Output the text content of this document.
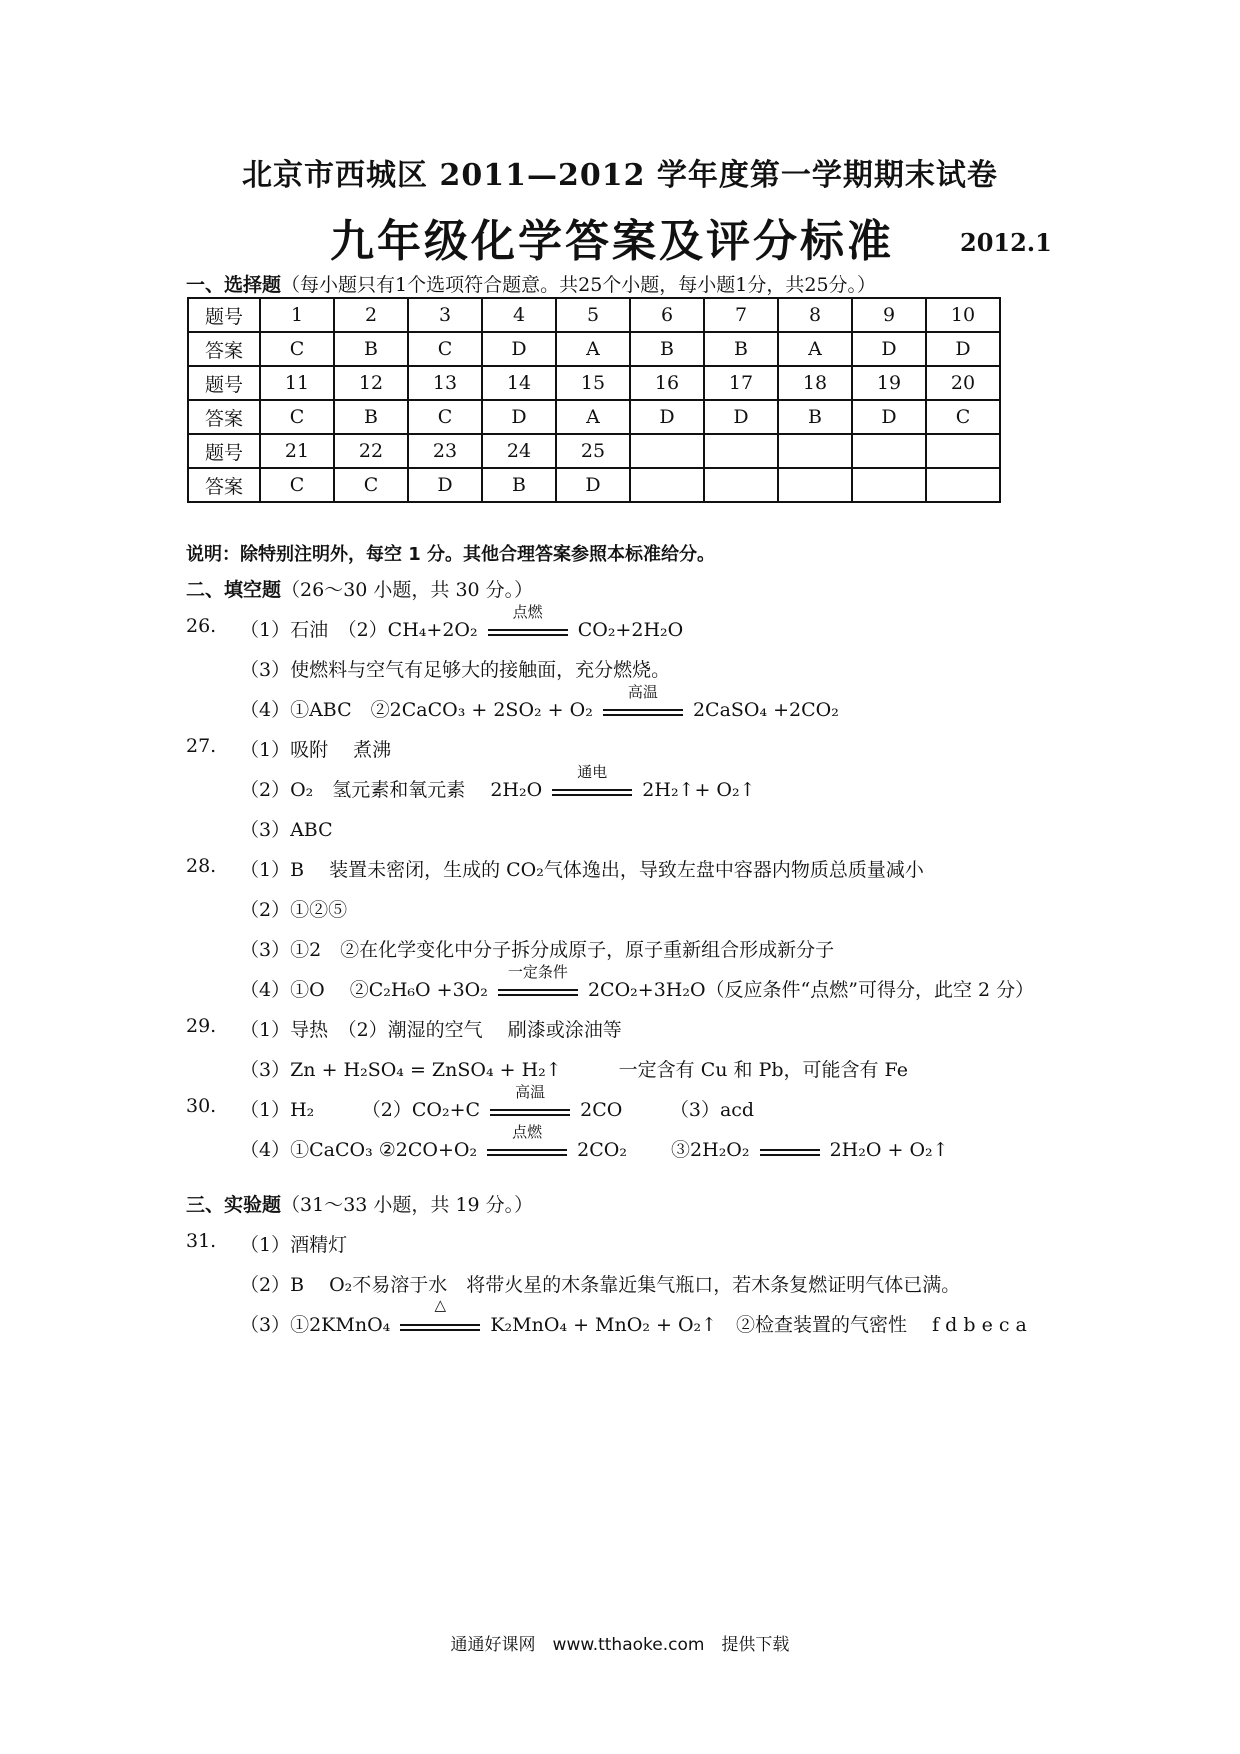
北京市西城区 2011—2012 学年度第一学期期末试卷
九年级化学答案及评分标准	2012.1
一、选择题（每小题只有1个选项符合题意。共25个小题，每小题1分，共25分。）
题号	1	2	3	4	5	6	7	8	9	10
答案	C	B	C	D	A	B	B	A	D	D
题号	11	12	13	14	15	16	17	18	19	20
答案	C	B	C	D	A	D	D	B	D	C
题号	21	22	23	24	25					
答案	C	C	D	B	D					
说明：除特别注明外，每空 1 分。其他合理答案参照本标准给分。
二、填空题（26～30 小题，共 30 分。）
26. （1）石油　（2）CH₄+2O₂
点燃
CO₂+2H₂O
（3）使燃料与空气有足够大的接触面，充分燃烧。
（4）①ABC　②2CaCO₃ + 2SO₂ + O₂
高温
2CaSO₄ +2CO₂
27. （1）吸附　 煮沸
（2）O₂　氢元素和氧元素　 2H₂O
通电
2H₂↑+ O₂↑
（3）ABC
28. （1）B　 装置未密闭，生成的 CO₂气体逸出，导致左盘中容器内物质总质量减小
（2）①②⑤
（3）①2　②在化学变化中分子拆分成原子，原子重新组合形成新分子
（4）①O　 ②C₂H₆O +3O₂
一定条件
2CO₂+3H₂O（反应条件“点燃”可得分，此空 2 分）
29. （1）导热　（2）潮湿的空气　 刷漆或涂油等
（3）Zn + H₂SO₄ = ZnSO₄ + H₂↑　　　一定含有 Cu 和 Pb，可能含有 Fe
30. （1）H₂　　　（2）CO₂+C
高温
2CO　　　（3）acd
（4）①CaCO₃ ②2CO+O₂
点燃
2CO₂　　 ③2H₂O₂	2H₂O + O₂↑
三、实验题（31～33 小题，共 19 分。）
31. （1）酒精灯
（2）B　 O₂不易溶于水　将带火星的木条靠近集气瓶口，若木条复燃证明气体已满。
（3）①2KMnO₄
△
K₂MnO₄ + MnO₂ + O₂↑　②检查装置的气密性　 f d b e c a
通通好课网　www.tthaoke.com　提供下载
